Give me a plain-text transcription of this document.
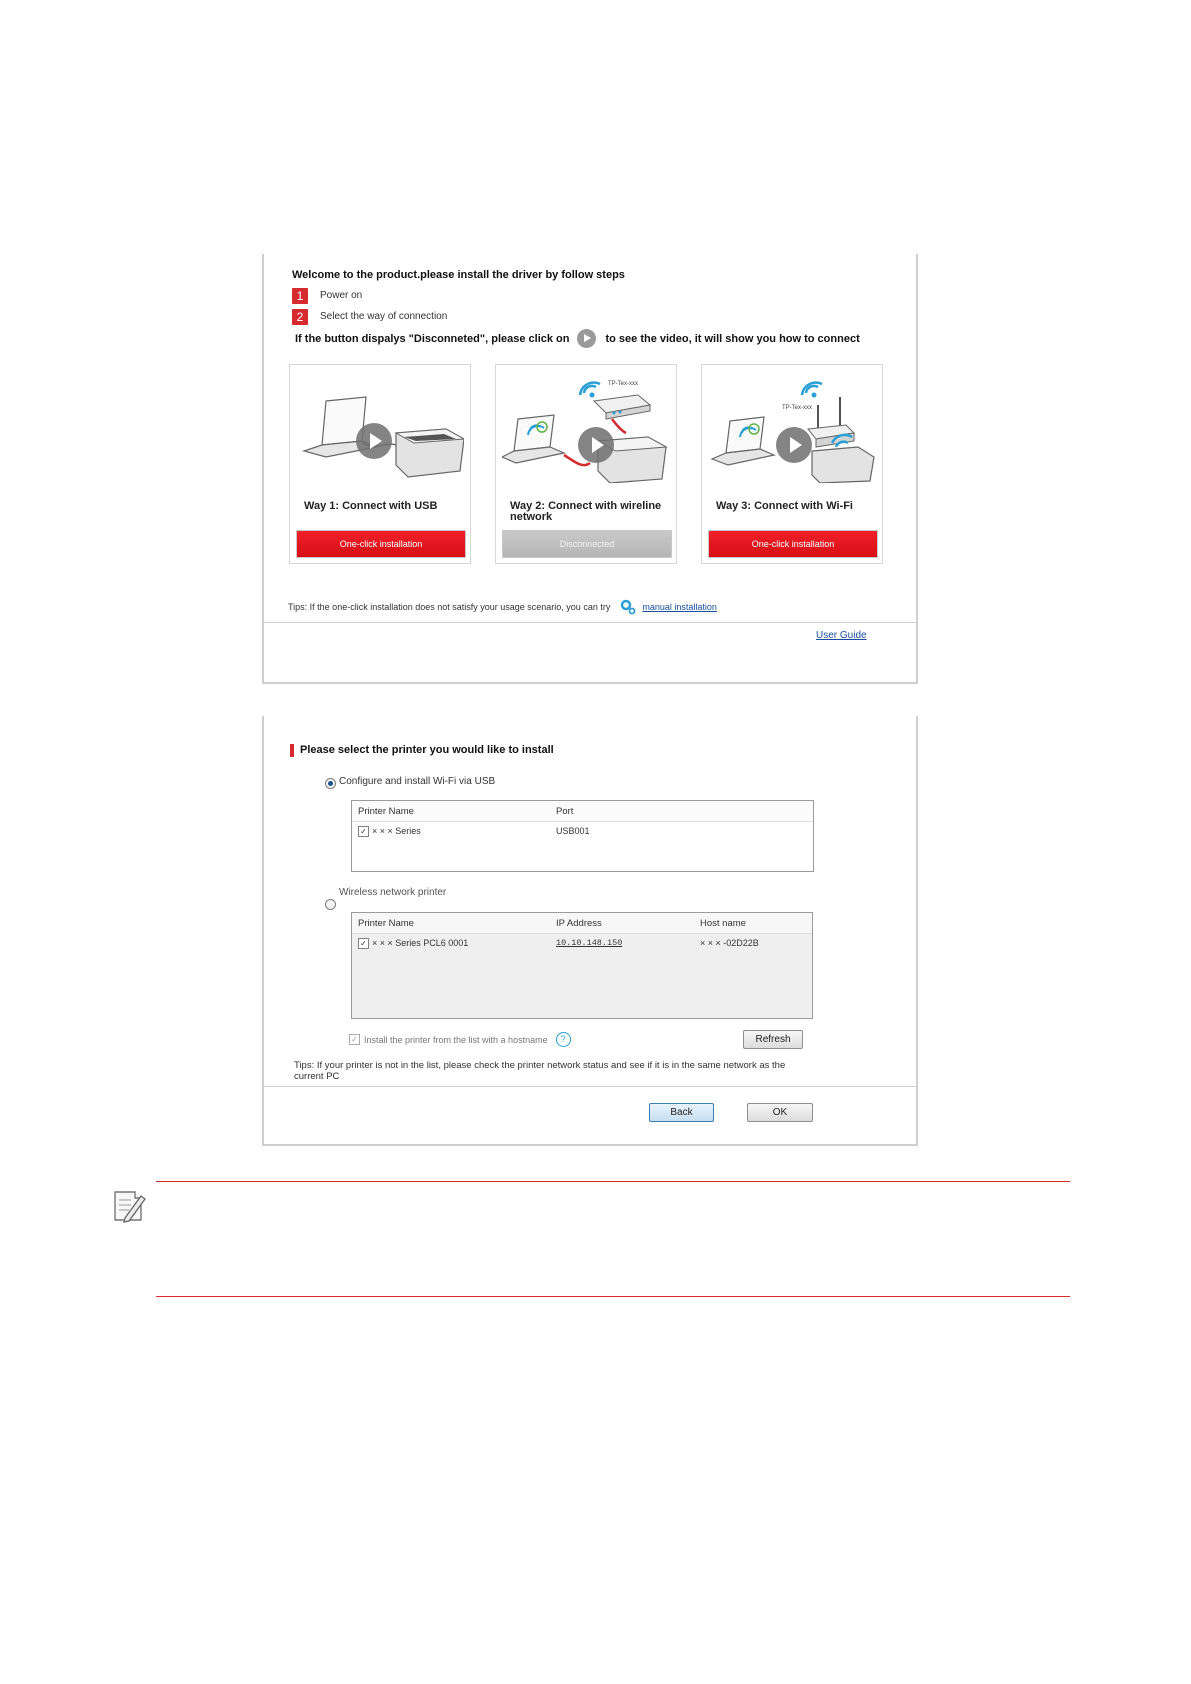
Welcome to the product.please install the driver by follow steps
1	Power on
2	Select the way of connection
If the button dispalys "Disconneted", please click on	to see the video, it will show you how to connect
Way 1: Connect with USB
One-click installation
TP-Tex-xxx
Way 2: Connect with wireline network
Disconnected
TP-Tex-xxx
Way 3: Connect with Wi-Fi
One-click installation
Tips: If the one-click installation does not satisfy your usage scenario, you can try	manual installation
User Guide
Please select the printer you would like to install
Configure and install Wi-Fi via USB
Printer Name	Port
✓ × × × Series	USB001
Wireless network printer
Printer Name	IP Address	Host name
✓ × × × Series PCL6 0001	10.10.148.150	× × × -02D22B
✓ Install the printer from the list with a hostname	?	Refresh
Tips: If your printer is not in the list, please check the printer network status and see if it is in the same network as the current PC
Back	OK
